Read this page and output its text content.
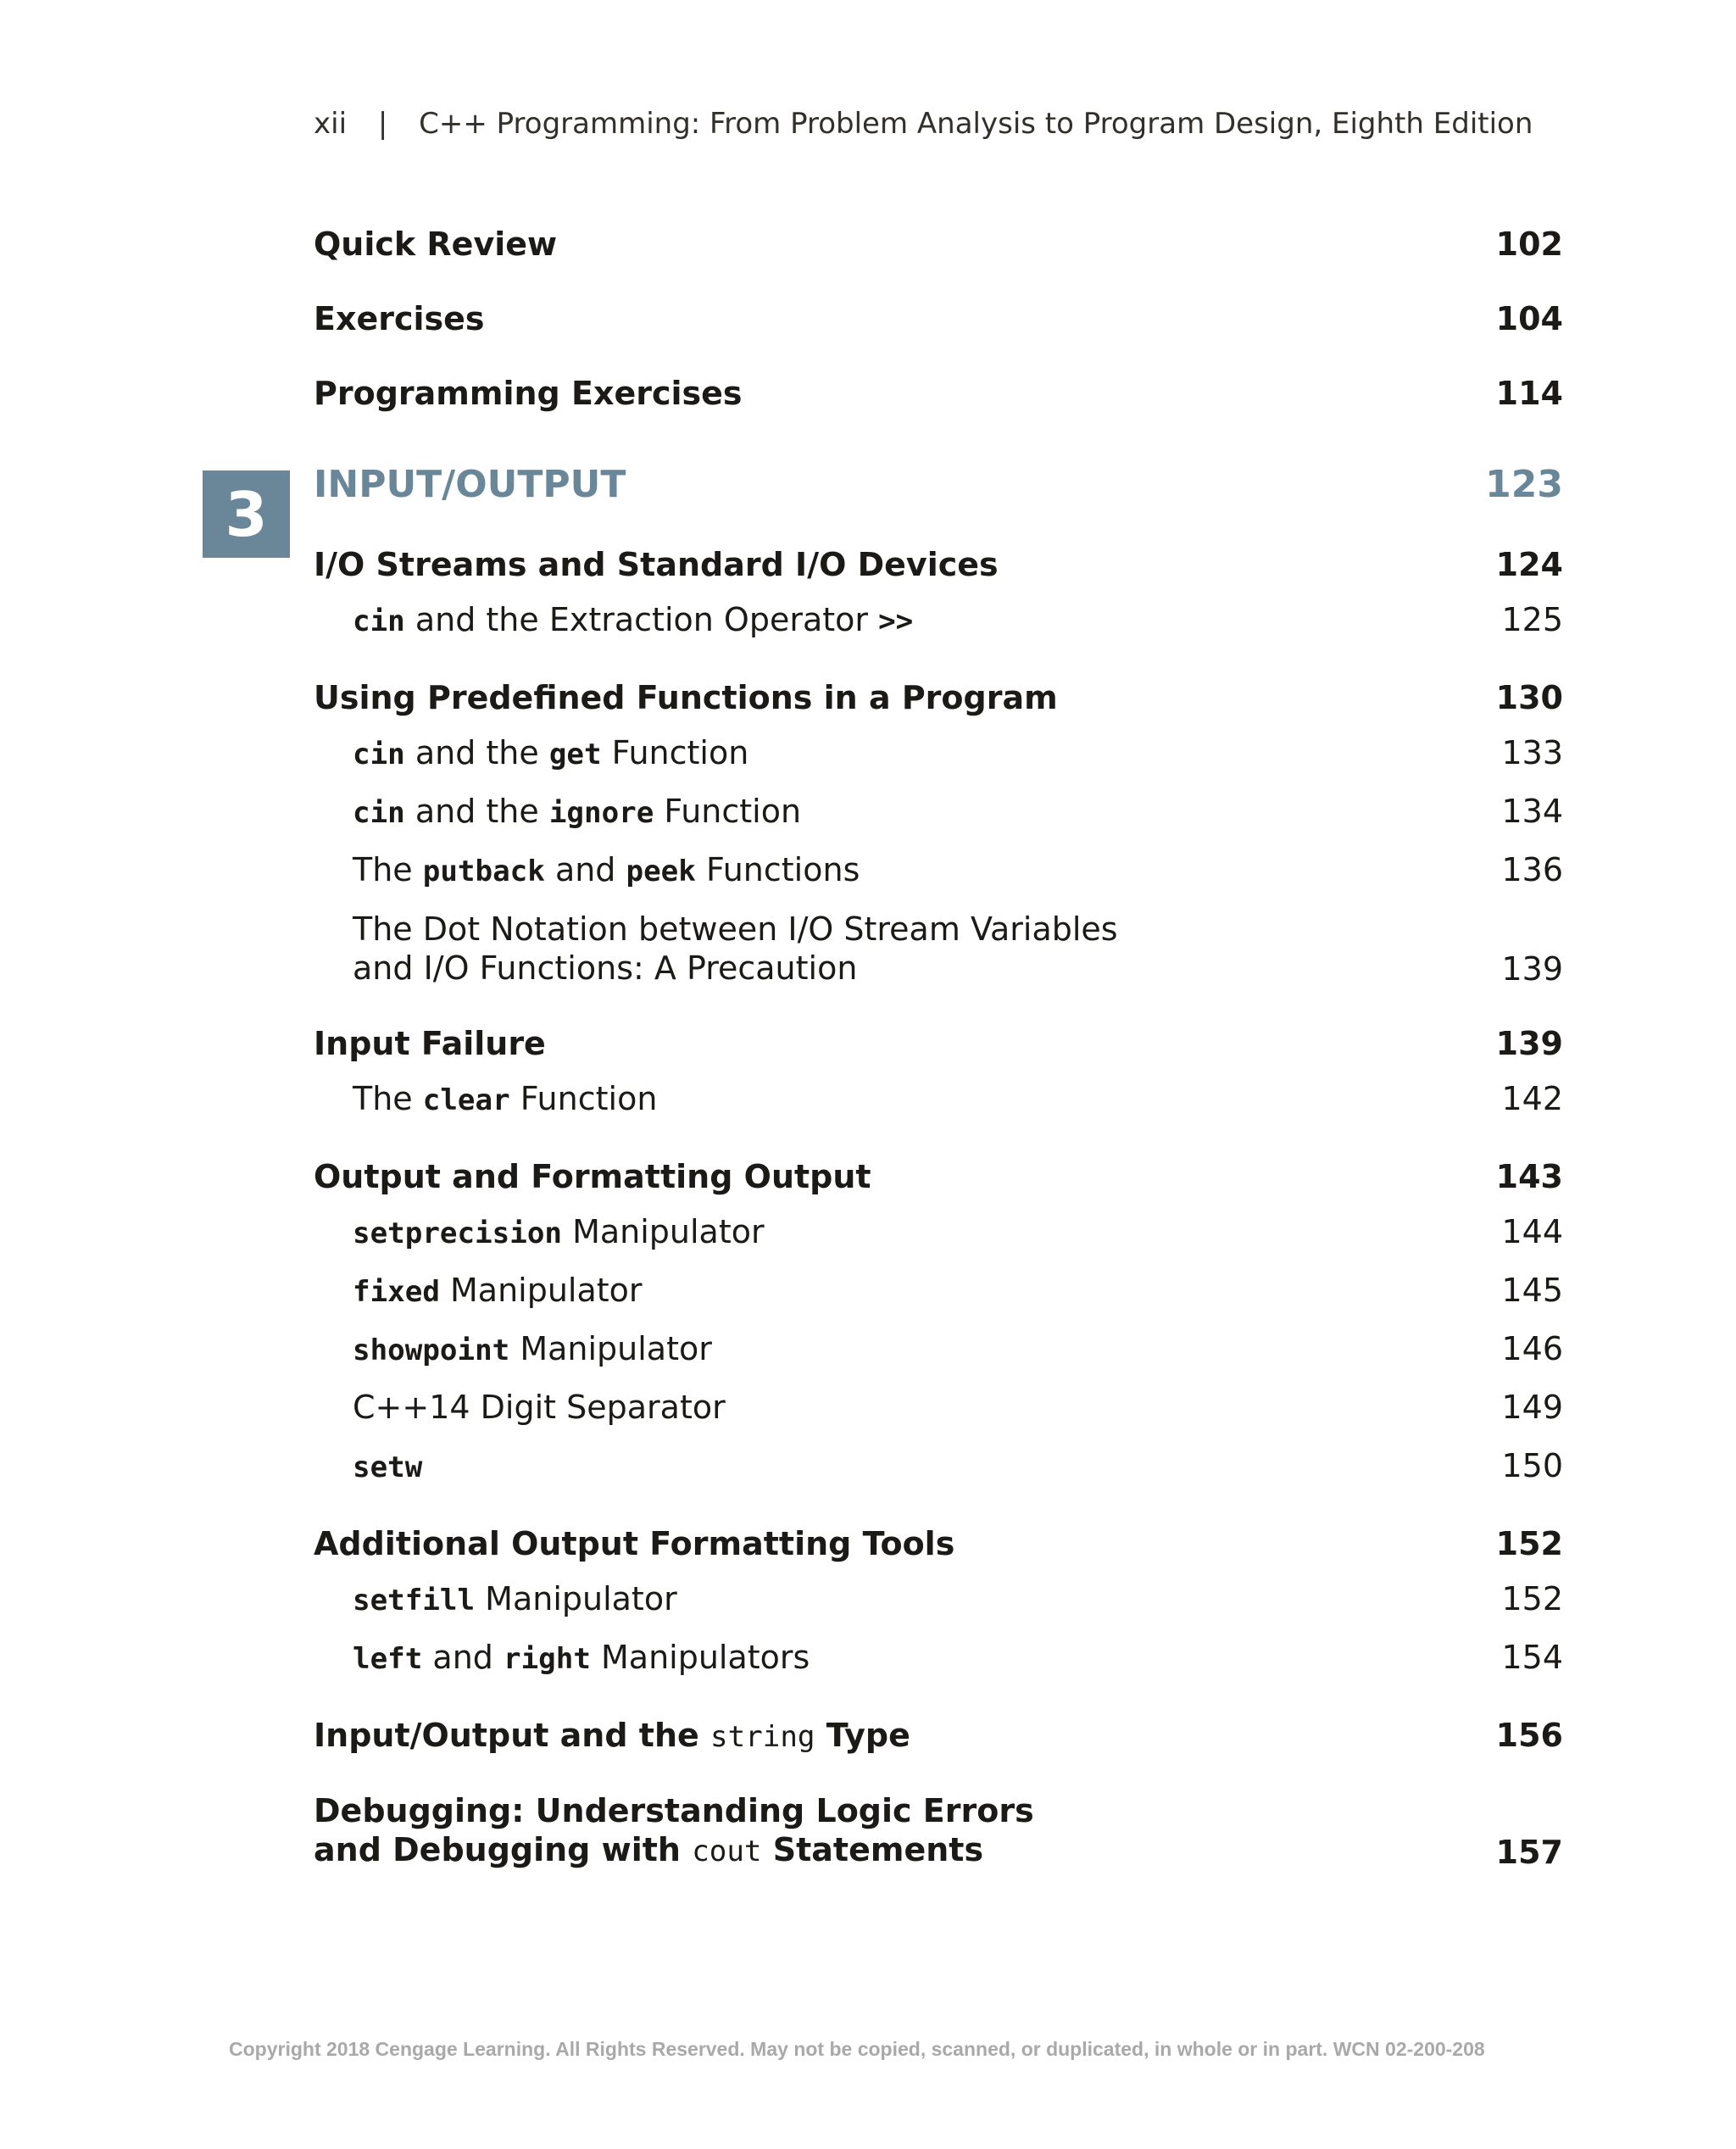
xii | C++ Programming: From Problem Analysis to Program Design, Eighth Edition
Quick Review	102
Exercises	104
Programming Exercises	114
3	INPUT/OUTPUT	123
I/O Streams and Standard I/O Devices	124
cin and the Extraction Operator >>	125
Using Predefined Functions in a Program	130
cin and the get Function	133
cin and the ignore Function	134
The putback and peek Functions	136
The Dot Notation between I/O Stream Variables
and I/O Functions: A Precaution	139
Input Failure	139
The clear Function	142
Output and Formatting Output	143
setprecision Manipulator	144
fixed Manipulator	145
showpoint Manipulator	146
C++14 Digit Separator	149
setw	150
Additional Output Formatting Tools	152
setfill Manipulator	152
left and right Manipulators	154
Input/Output and the string Type	156
Debugging: Understanding Logic Errors
and Debugging with cout Statements	157
Copyright 2018 Cengage Learning. All Rights Reserved. May not be copied, scanned, or duplicated, in whole or in part. WCN 02-200-208
